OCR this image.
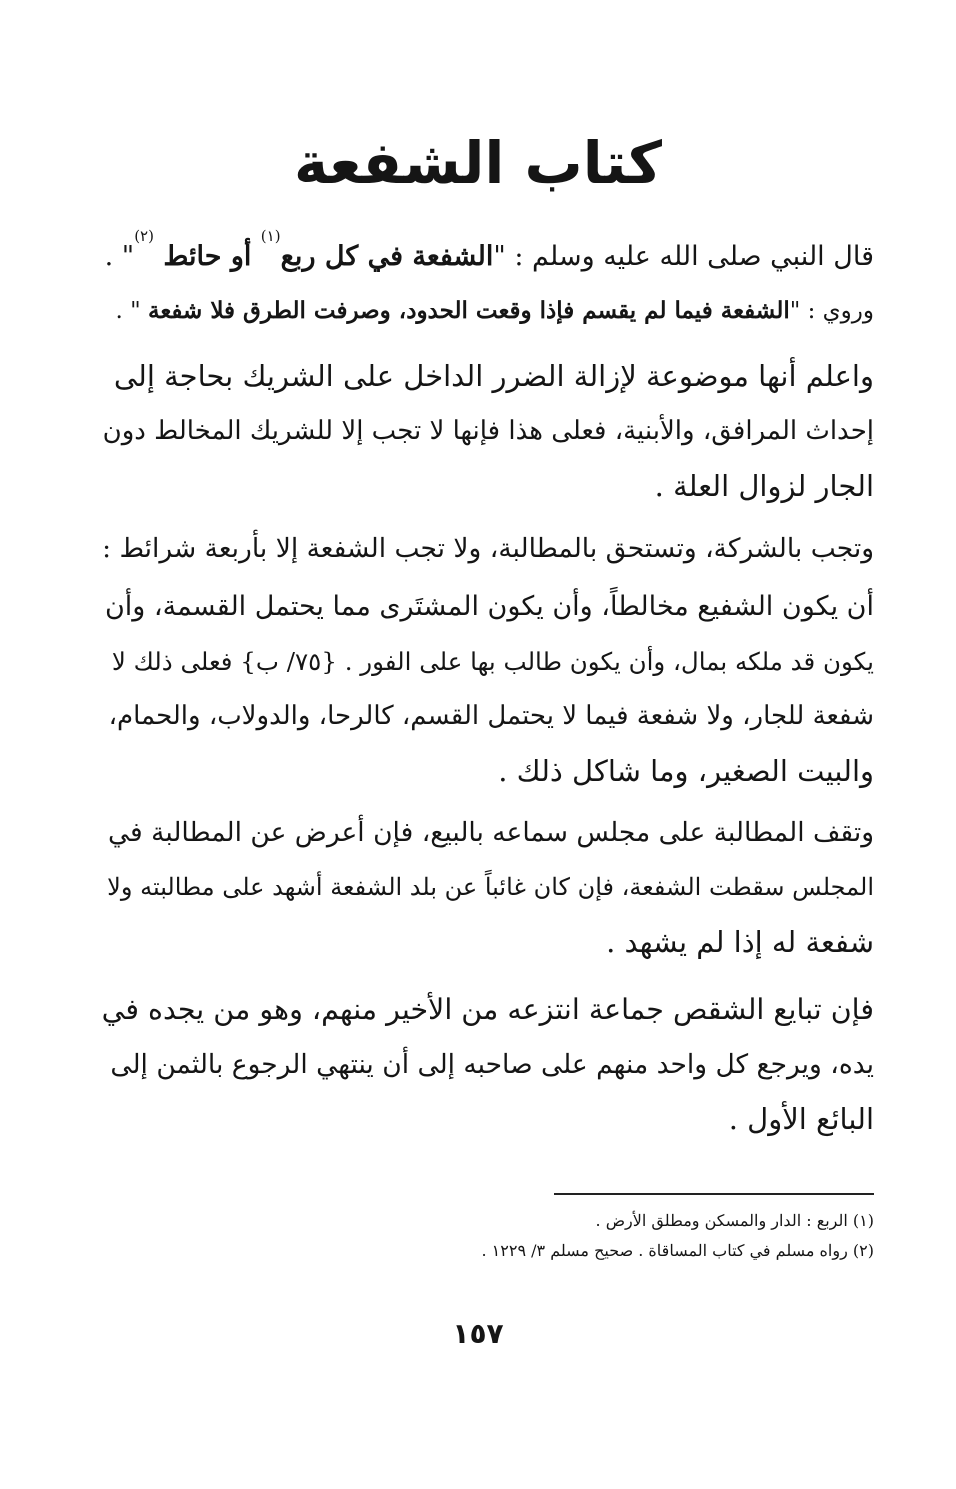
كتاب الشفعة

قال النبي صلى الله عليه وسلم : "الشفعة في كل ربع$^{(١)}$ أو حائط $^{(٢)}$" .

وروي : "الشفعة فيما لم يقسم فإذا وقعت الحدود، وصرفت الطرق فلا شفعة " .

واعلم أنها موضوعة لإزالة الضرر الداخل على الشريك بحاجة إلى
إحداث المرافق، والأبنية، فعلى هذا فإنها لا تجب إلا للشريك المخالط دون
الجار لزوال العلة .

وتجب بالشركة، وتستحق بالمطالبة، ولا تجب الشفعة إلا بأربعة شرائط :

أن يكون الشفيع مخالطاً، وأن يكون المشتَرى مما يحتمل القسمة، وأن
يكون قد ملكه بمال، وأن يكون طالب بها على الفور . {٧٥/ ب} فعلى ذلك لا
شفعة للجار، ولا شفعة فيما لا يحتمل القسم، كالرحا، والدولاب، والحمام،
والبيت الصغير، وما شاكل ذلك .

وتقف المطالبة على مجلس سماعه بالبيع، فإن أعرض عن المطالبة في
المجلس سقطت الشفعة، فإن كان غائباً عن بلد الشفعة أشهد على مطالبته ولا
شفعة له إذا لم يشهد .

فإن تبايع الشقص جماعة انتزعه من الأخير منهم، وهو من يجده في
يده، ويرجع كل واحد منهم على صاحبه إلى أن ينتهي الرجوع بالثمن إلى
البائع الأول .

(١) الربع : الدار والمسكن ومطلق الأرض .
(٢) رواه مسلم في كتاب المساقاة . صحيح مسلم ٣/ ١٢٢٩ .
١٥٧
